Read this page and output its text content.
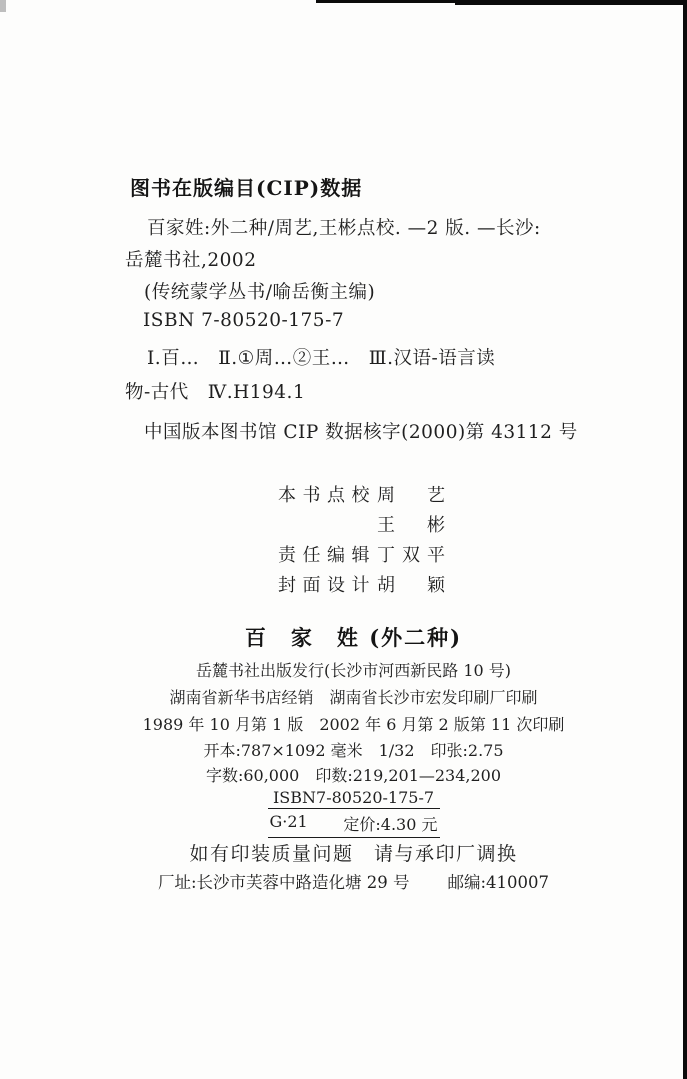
图书在版编目(CIP)数据
百家姓:外二种/周艺,王彬点校. —2 版. —长沙:
岳麓书社,2002
(传统蒙学丛书/喻岳衡主编)
ISBN 7-80520-175-7
Ⅰ.百…　Ⅱ.①周…②王…　Ⅲ.汉语-语言读
物-古代　Ⅳ.H194.1
中国版本图书馆 CIP 数据核字(2000)第 43112 号
本书点校 周　艺
王　彬
责任编辑 丁双平
封面设计 胡　颖
百　家　姓 (外二种)
岳麓书社出版发行(长沙市河西新民路 10 号)
湖南省新华书店经销　湖南省长沙市宏发印刷厂印刷
1989 年 10 月第 1 版　2002 年 6 月第 2 版第 11 次印刷
开本:787×1092 毫米　1/32　印张:2.75
字数:60,000　印数:219,201—234,200
ISBN7-80520-175-7
G·21 定价:4.30 元
如有印装质量问题　请与承印厂调换
厂址:长沙市芙蓉中路造化塘 29 号 邮编:410007
